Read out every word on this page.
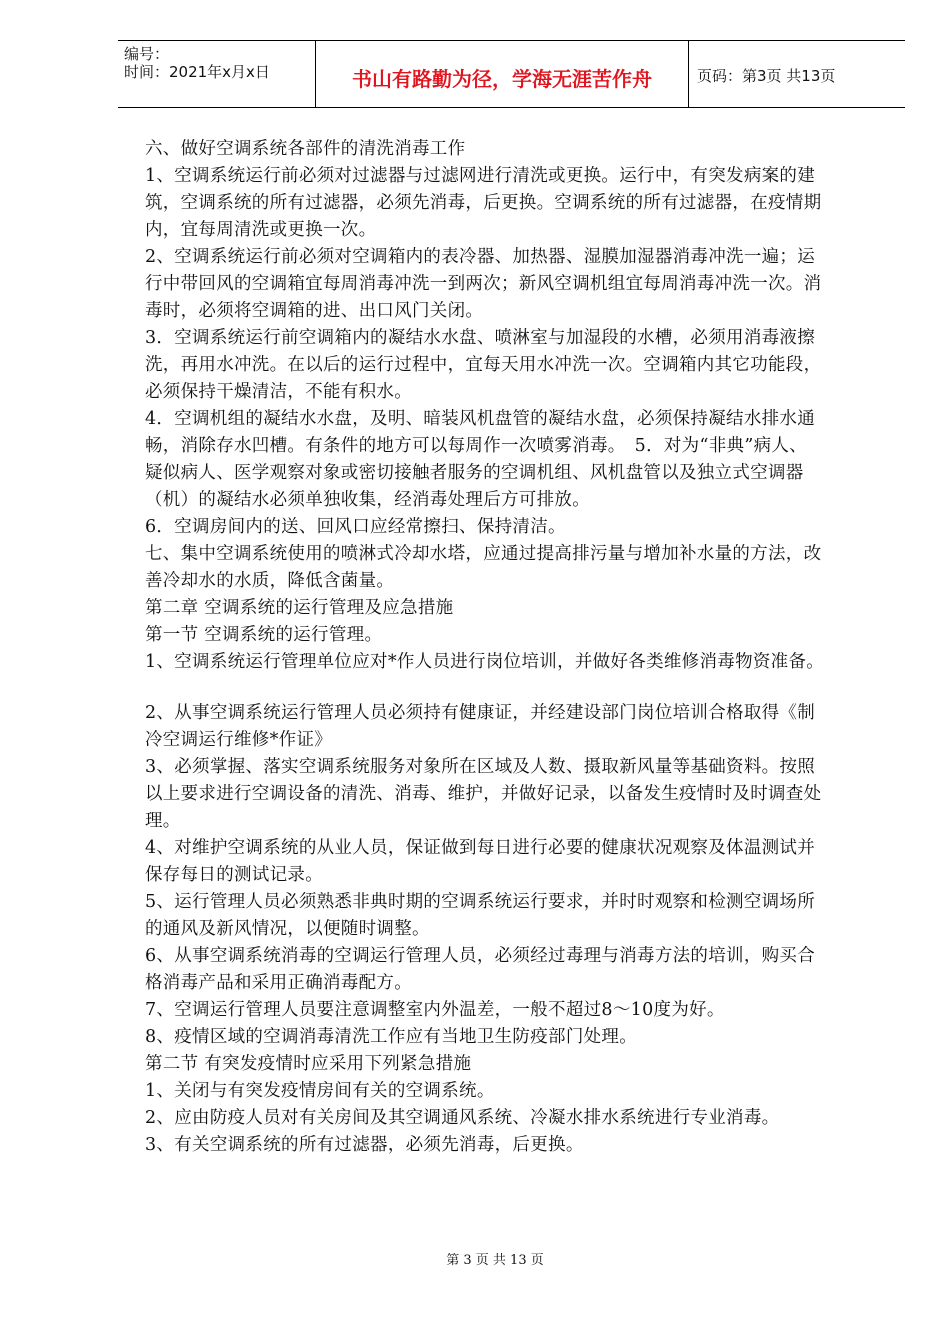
编号：
时间：2021年x月x日	书山有路勤为径，学海无涯苦作舟	页码：第3页 共13页
六、做好空调系统各部件的清洗消毒工作
1、空调系统运行前必须对过滤器与过滤网进行清洗或更换。运行中，有突发病案的建
筑，空调系统的所有过滤器，必须先消毒，后更换。空调系统的所有过滤器，在疫情期
内，宜每周清洗或更换一次。
2、空调系统运行前必须对空调箱内的表冷器、加热器、湿膜加湿器消毒冲洗一遍；运
行中带回风的空调箱宜每周消毒冲洗一到两次；新风空调机组宜每周消毒冲洗一次。消
毒时，必须将空调箱的进、出口风门关闭。
3．空调系统运行前空调箱内的凝结水水盘、喷淋室与加湿段的水槽，必须用消毒液擦
洗，再用水冲洗。在以后的运行过程中，宜每天用水冲洗一次。空调箱内其它功能段，
必须保持干燥清洁，不能有积水。
4．空调机组的凝结水水盘，及明、暗装风机盘管的凝结水盘，必须保持凝结水排水通
畅，消除存水凹槽。有条件的地方可以每周作一次喷雾消毒。　5．对为“非典”病人、
疑似病人、医学观察对象或密切接触者服务的空调机组、风机盘管以及独立式空调器
（机）的凝结水必须单独收集，经消毒处理后方可排放。
6．空调房间内的送、回风口应经常擦扫、保持清洁。
七、集中空调系统使用的喷淋式冷却水塔，应通过提高排污量与增加补水量的方法，改
善冷却水的水质，降低含菌量。
第二章 空调系统的运行管理及应急措施
第一节 空调系统的运行管理。
1、空调系统运行管理单位应对*作人员进行岗位培训，并做好各类维修消毒物资准备。
2、从事空调系统运行管理人员必须持有健康证，并经建设部门岗位培训合格取得《制
冷空调运行维修*作证》
3、必须掌握、落实空调系统服务对象所在区域及人数、摄取新风量等基础资料。按照
以上要求进行空调设备的清洗、消毒、维护，并做好记录，以备发生疫情时及时调查处
理。
4、对维护空调系统的从业人员，保证做到每日进行必要的健康状况观察及体温测试并
保存每日的测试记录。
5、运行管理人员必须熟悉非典时期的空调系统运行要求，并时时观察和检测空调场所
的通风及新风情况，以便随时调整。
6、从事空调系统消毒的空调运行管理人员，必须经过毒理与消毒方法的培训，购买合
格消毒产品和采用正确消毒配方。
7、空调运行管理人员要注意调整室内外温差，一般不超过8～10度为好。
8、疫情区域的空调消毒清洗工作应有当地卫生防疫部门处理。
第二节 有突发疫情时应采用下列紧急措施
1、关闭与有突发疫情房间有关的空调系统。
2、应由防疫人员对有关房间及其空调通风系统、冷凝水排水系统进行专业消毒。
3、有关空调系统的所有过滤器，必须先消毒，后更换。
第 3 页 共 13 页
